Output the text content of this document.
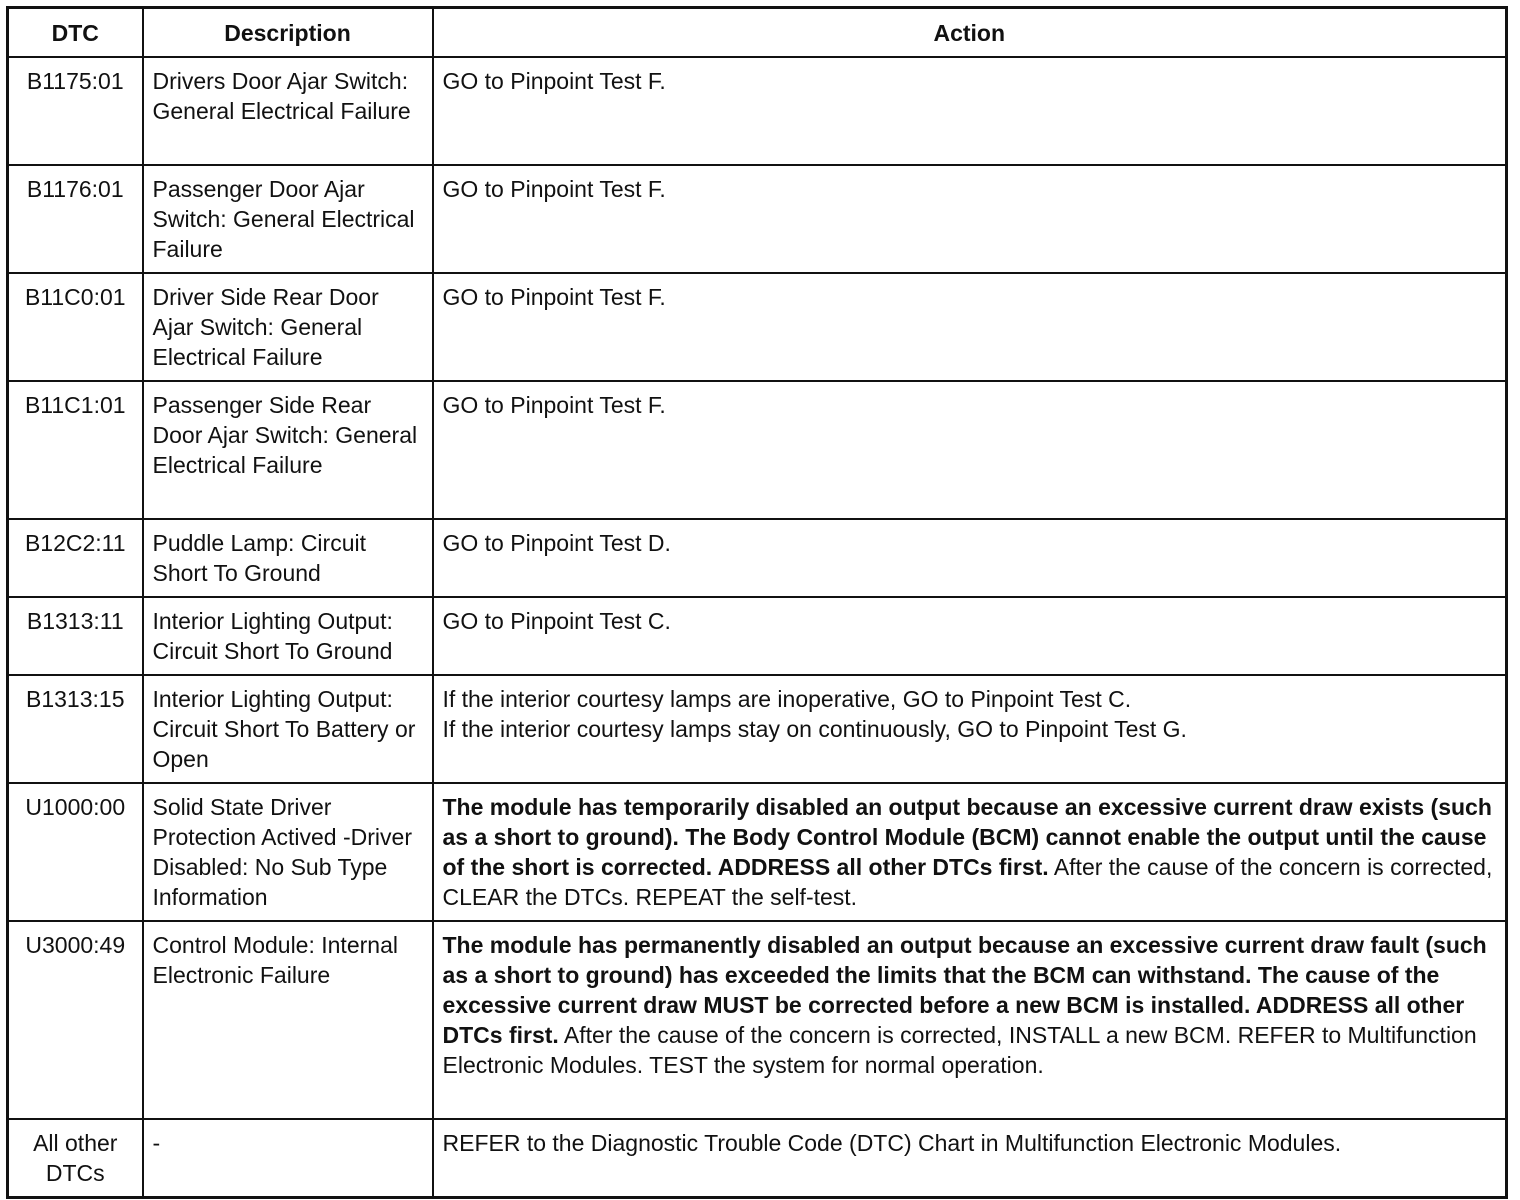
DTC	Description	Action
B1175:01	Drivers Door Ajar Switch: General Electrical Failure	GO to Pinpoint Test F.
B1176:01	Passenger Door Ajar Switch: General Electrical Failure	GO to Pinpoint Test F.
B11C0:01	Driver Side Rear Door Ajar Switch: General Electrical Failure	GO to Pinpoint Test F.
B11C1:01	Passenger Side Rear Door Ajar Switch: General Electrical Failure	GO to Pinpoint Test F.
B12C2:11	Puddle Lamp: Circuit Short To Ground	GO to Pinpoint Test D.
B1313:11	Interior Lighting Output: Circuit Short To Ground	GO to Pinpoint Test C.
B1313:15	Interior Lighting Output: Circuit Short To Battery or Open	If the interior courtesy lamps are inoperative, GO to Pinpoint Test C.
If the interior courtesy lamps stay on continuously, GO to Pinpoint Test G.

U1000:00	Solid State Driver Protection Actived -Driver Disabled: No Sub Type Information	The module has temporarily disabled an output because an excessive current draw exists (such as a short to ground). The Body Control Module (BCM) cannot enable the output until the cause of the short is corrected. ADDRESS all other DTCs first. After the cause of the concern is corrected, CLEAR the DTCs. REPEAT the self-test.
U3000:49	Control Module: Internal Electronic Failure	The module has permanently disabled an output because an excessive current draw fault (such as a short to ground) has exceeded the limits that the BCM can withstand. The cause of the excessive current draw MUST be corrected before a new BCM is installed. ADDRESS all other DTCs first. After the cause of the concern is corrected, INSTALL a new BCM. REFER to Multifunction Electronic Modules. TEST the system for normal operation.
All other DTCs	-	REFER to the Diagnostic Trouble Code (DTC) Chart in Multifunction Electronic Modules.
